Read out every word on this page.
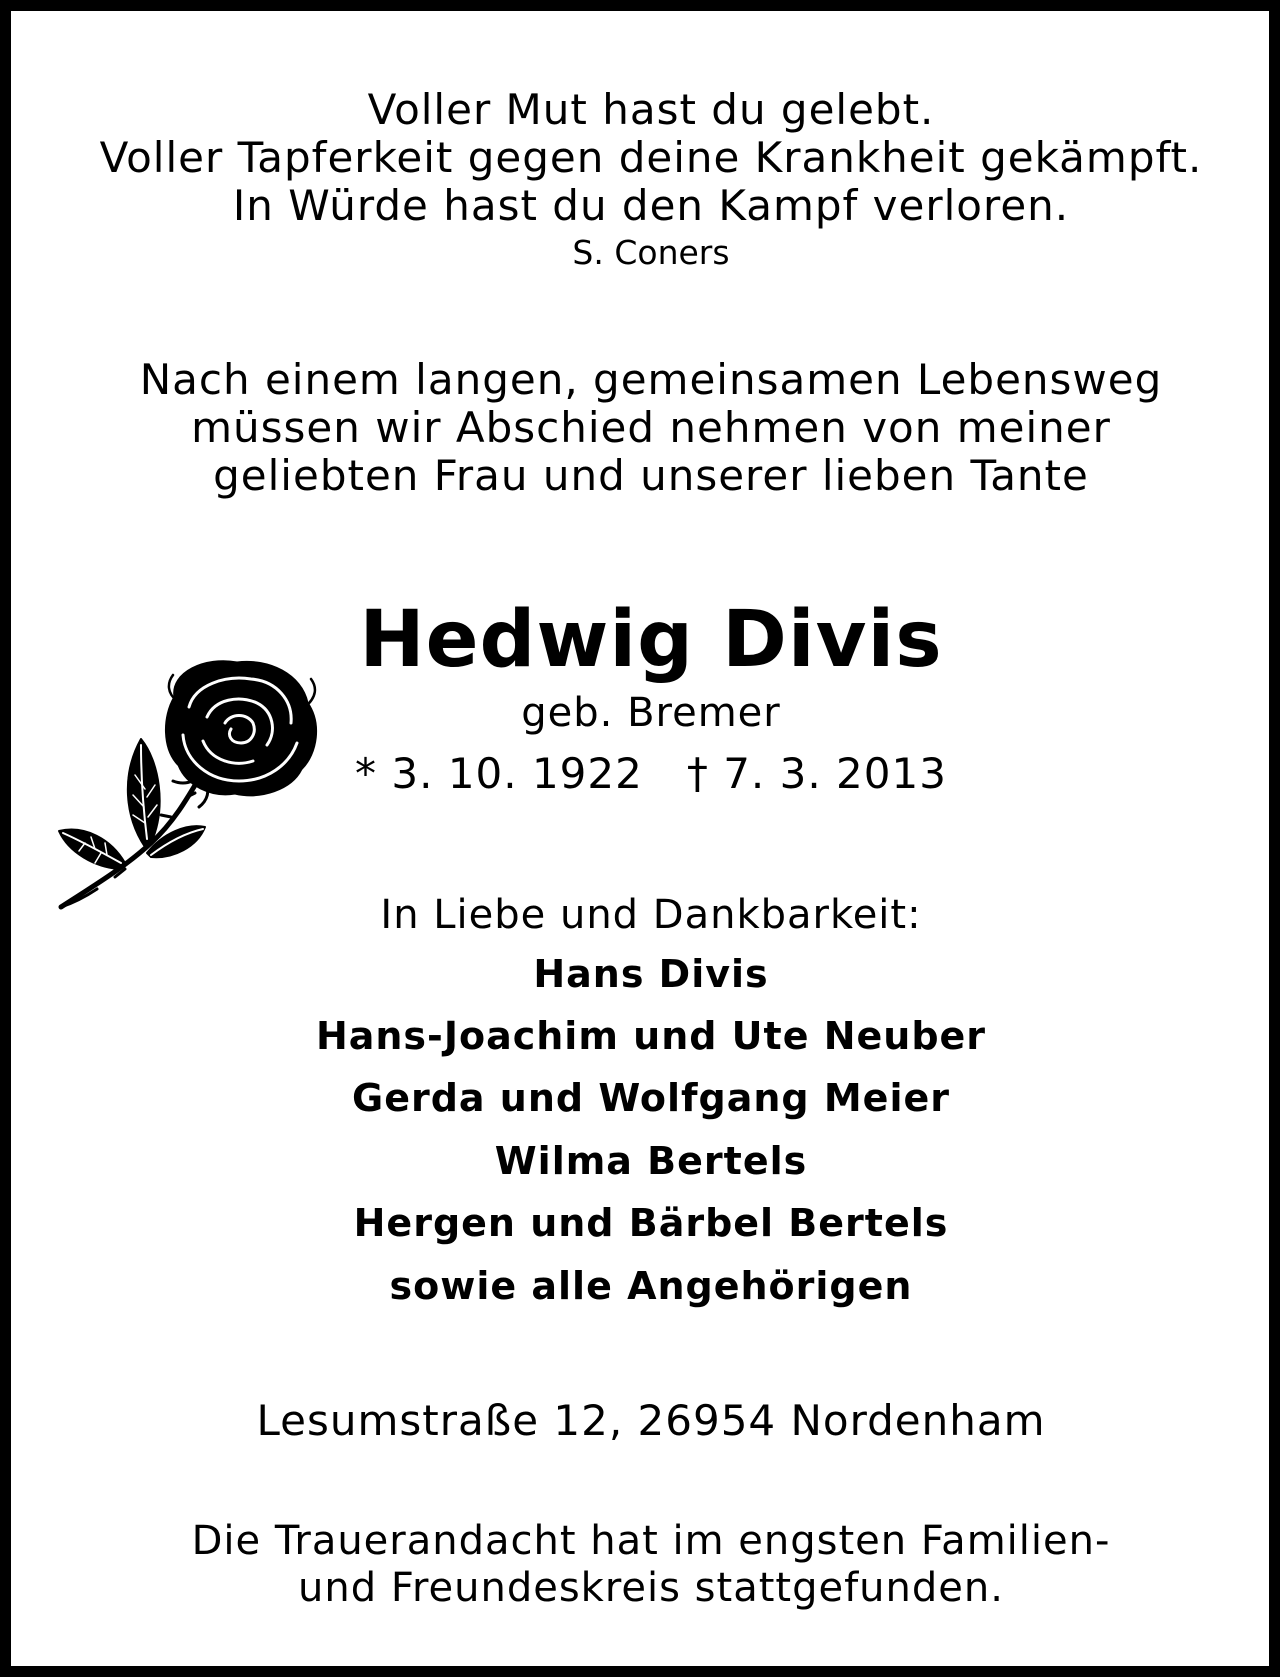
Voller Mut hast du gelebt.
Voller Tapferkeit gegen deine Krankheit gekämpft.
In Würde hast du den Kampf verloren.
S. Coners
Nach einem langen, gemeinsamen Lebensweg
müssen wir Abschied nehmen von meiner
geliebten Frau und unserer lieben Tante
Hedwig Divis
geb. Bremer
* 3. 10. 1922 † 7. 3. 2013
In Liebe und Dankbarkeit:
Hans Divis
Hans-Joachim und Ute Neuber
Gerda und Wolfgang Meier
Wilma Bertels
Hergen und Bärbel Bertels
sowie alle Angehörigen
Lesumstraße 12, 26954 Nordenham
Die Trauerandacht hat im engsten Familien-
und Freundeskreis stattgefunden.
